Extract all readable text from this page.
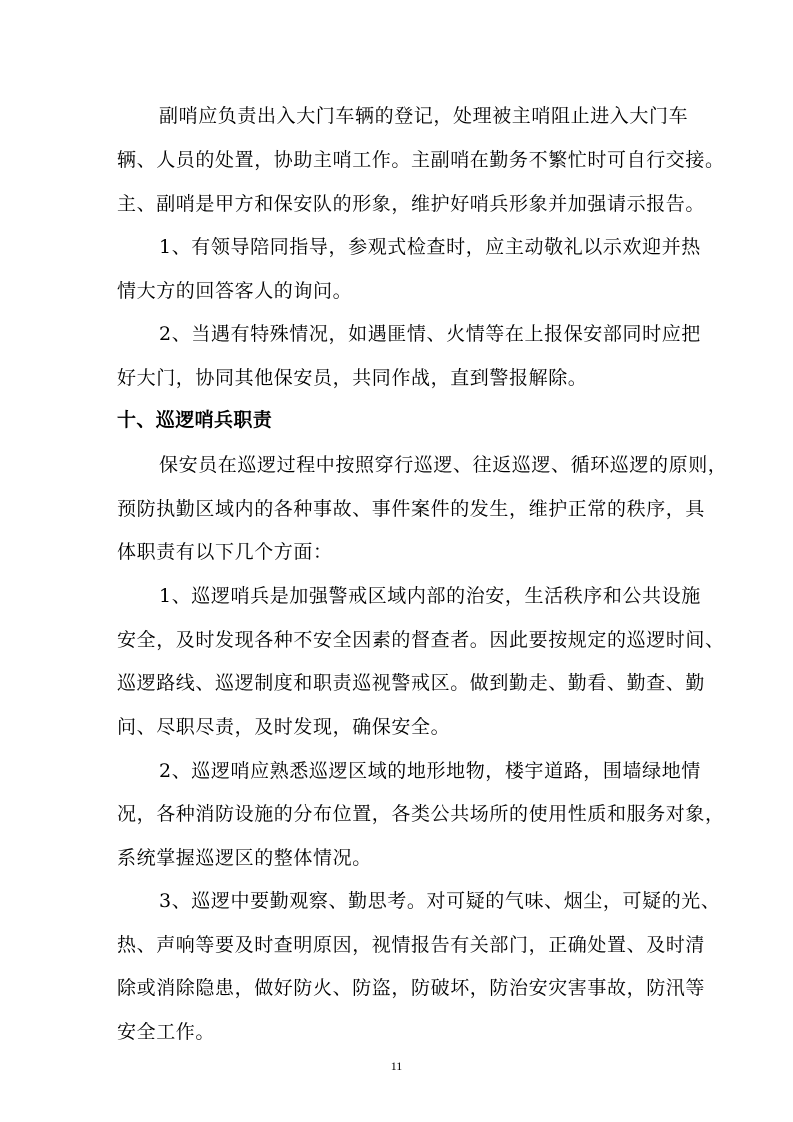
副哨应负责出入大门车辆的登记，处理被主哨阻止进入大门车
辆、人员的处置，协助主哨工作。主副哨在勤务不繁忙时可自行交接。
主、副哨是甲方和保安队的形象，维护好哨兵形象并加强请示报告。
1、有领导陪同指导，参观式检查时，应主动敬礼以示欢迎并热
情大方的回答客人的询问。
2、当遇有特殊情况，如遇匪情、火情等在上报保安部同时应把
好大门，协同其他保安员，共同作战，直到警报解除。
十、巡逻哨兵职责
保安员在巡逻过程中按照穿行巡逻、往返巡逻、循环巡逻的原则，
预防执勤区域内的各种事故、事件案件的发生，维护正常的秩序，具
体职责有以下几个方面：
1、巡逻哨兵是加强警戒区域内部的治安，生活秩序和公共设施
安全，及时发现各种不安全因素的督查者。因此要按规定的巡逻时间、
巡逻路线、巡逻制度和职责巡视警戒区。做到勤走、勤看、勤查、勤
问、尽职尽责，及时发现，确保安全。
2、巡逻哨应熟悉巡逻区域的地形地物，楼宇道路，围墙绿地情
况，各种消防设施的分布位置，各类公共场所的使用性质和服务对象，
系统掌握巡逻区的整体情况。
3、巡逻中要勤观察、勤思考。对可疑的气味、烟尘，可疑的光、
热、声响等要及时查明原因，视情报告有关部门，正确处置、及时清
除或消除隐患，做好防火、防盗，防破坏，防治安灾害事故，防汛等
安全工作。
11
